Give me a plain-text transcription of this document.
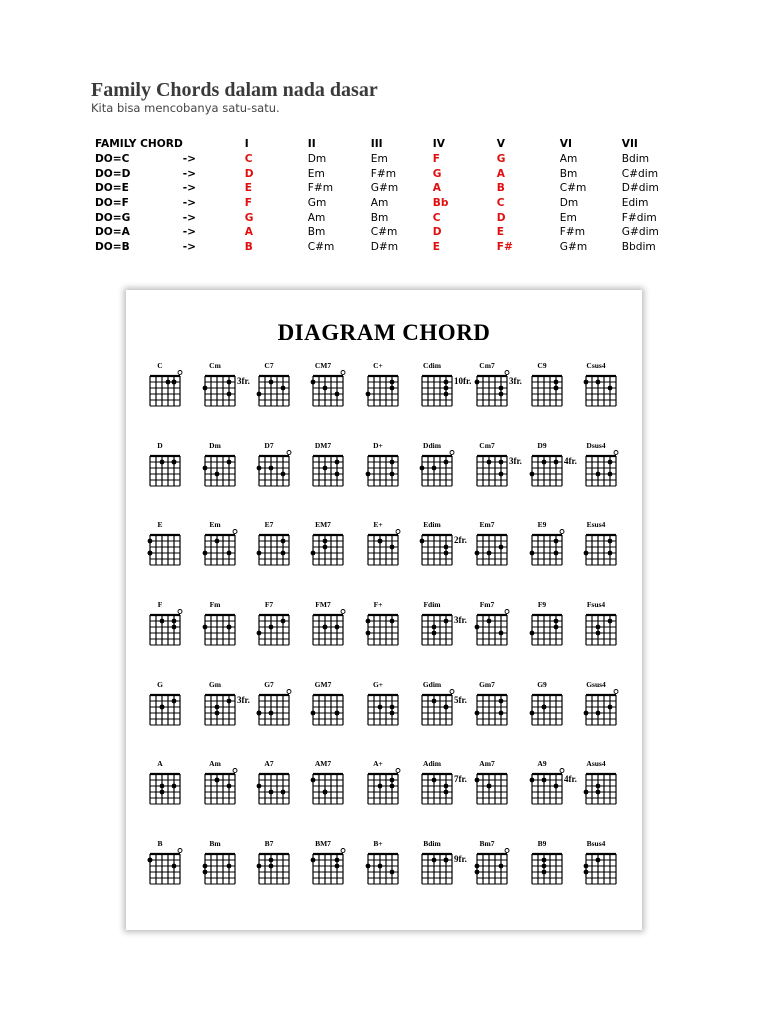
Family Chords dalam nada dasar
Kita bisa mencobanya satu-satu.
FAMILY CHORD		I	II	III	IV	V	VI	VII
DO=C	->	C	Dm	Em	F	G	Am	Bdim
DO=D	->	D	Em	F#m	G	A	Bm	C#dim
DO=E	->	E	F#m	G#m	A	B	C#m	D#dim
DO=F	->	F	Gm	Am	Bb	C	Dm	Edim
DO=G	->	G	Am	Bm	C	D	Em	F#dim
DO=A	->	A	Bm	C#m	D	E	F#m	G#dim
DO=B	->	B	C#m	D#m	E	F#	G#m	Bbdim
DIAGRAM CHORD
C	Cm	C7	CM7	C+	Cdim	Cm7	C9	Csus4
D	Dm	D7	DM7	D+	Ddim	Cm7	D9	Dsus4
E	Em	E7	EM7	E+	Edim	Em7	E9	Esus4
F	Fm	F7	FM7	F+	Fdim	Fm7	F9	Fsus4
G	Gm	G7	GM7	G+	Gdim	Gm7	G9	Gsus4
A	Am	A7	AM7	A+	Adim	Am7	A9	Asus4
B	Bm	B7	BM7	B+	Bdim	Bm7	B9	Bsus4
3fr.	10fr.	3fr.
3fr.	4fr.
2fr.
3fr.
3fr.	5fr.
7fr.	4fr.
9fr.
